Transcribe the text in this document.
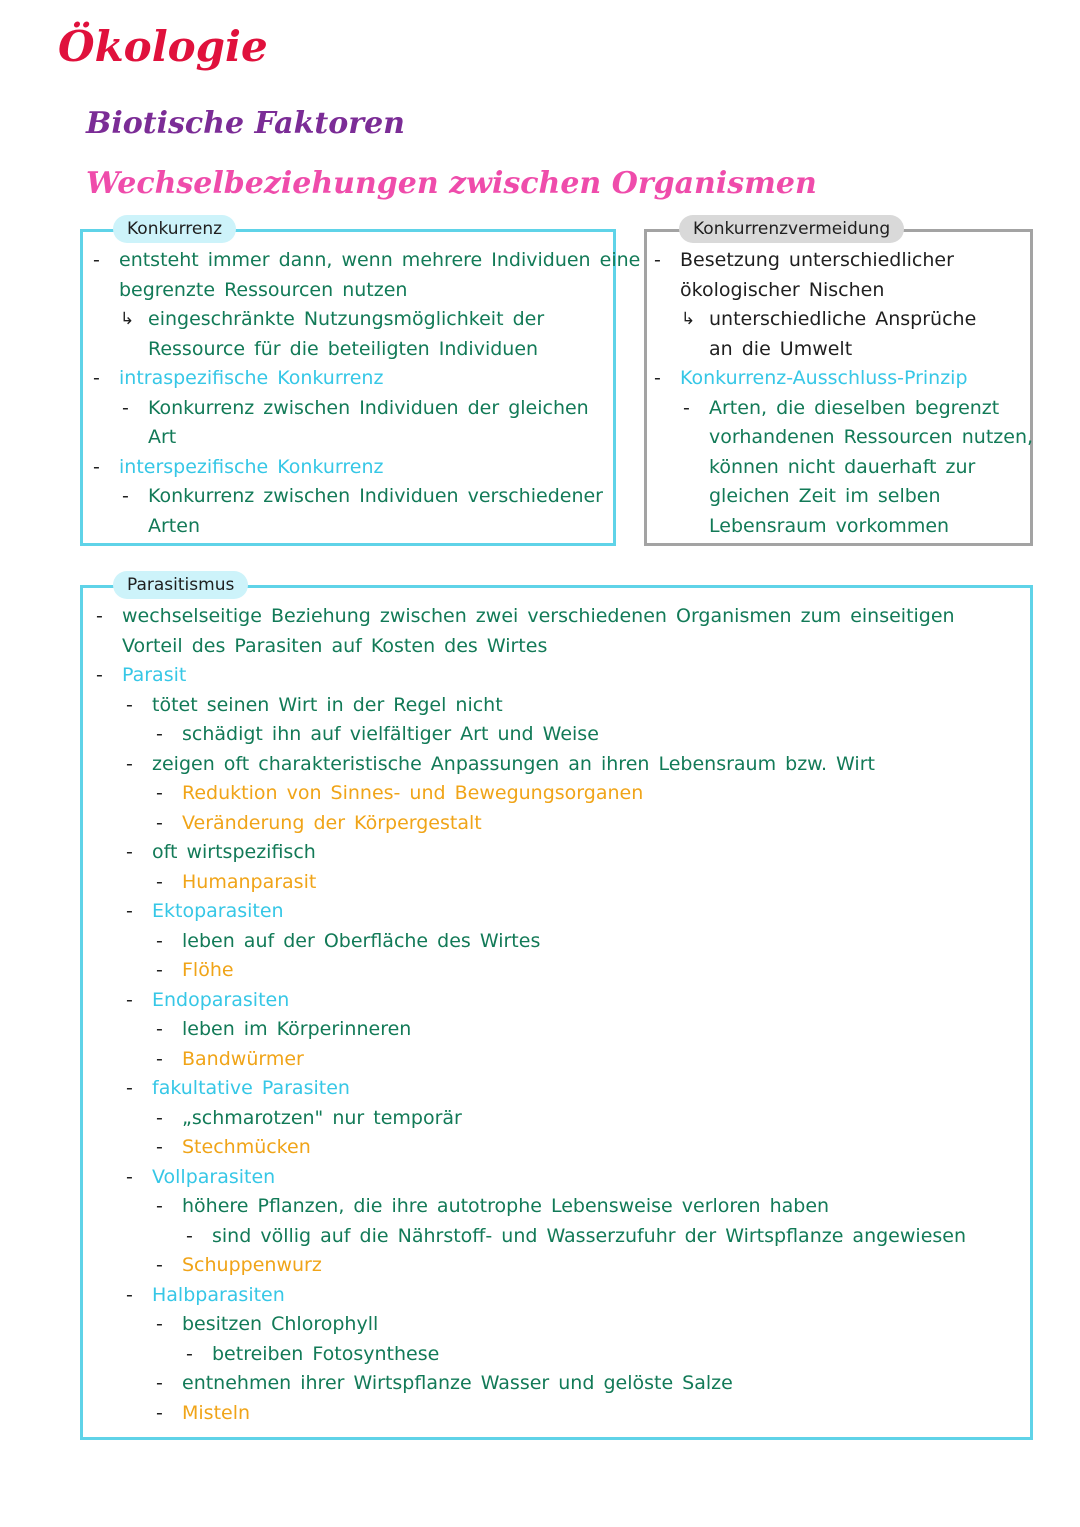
Ökologie
Biotische Faktoren
Wechselbeziehungen zwischen Organismen
Konkurrenz
- entsteht immer dann, wenn mehrere Individuen eine
begrenzte Ressourcen nutzen
↳ eingeschränkte Nutzungsmöglichkeit der
Ressource für die beteiligten Individuen
- intraspezifische Konkurrenz
- Konkurrenz zwischen Individuen der gleichen
Art
- interspezifische Konkurrenz
- Konkurrenz zwischen Individuen verschiedener
Arten
Konkurrenzvermeidung
- Besetzung unterschiedlicher
ökologischer Nischen
↳ unterschiedliche Ansprüche
an die Umwelt
- Konkurrenz-Ausschluss-Prinzip
- Arten, die dieselben begrenzt
vorhandenen Ressourcen nutzen,
können nicht dauerhaft zur
gleichen Zeit im selben
Lebensraum vorkommen
Parasitismus
- wechselseitige Beziehung zwischen zwei verschiedenen Organismen zum einseitigen
Vorteil des Parasiten auf Kosten des Wirtes
- Parasit
- tötet seinen Wirt in der Regel nicht
- schädigt ihn auf vielfältiger Art und Weise
- zeigen oft charakteristische Anpassungen an ihren Lebensraum bzw. Wirt
- Reduktion von Sinnes- und Bewegungsorganen
- Veränderung der Körpergestalt
- oft wirtspezifisch
- Humanparasit
- Ektoparasiten
- leben auf der Oberfläche des Wirtes
- Flöhe
- Endoparasiten
- leben im Körperinneren
- Bandwürmer
- fakultative Parasiten
- „schmarotzen" nur temporär
- Stechmücken
- Vollparasiten
- höhere Pflanzen, die ihre autotrophe Lebensweise verloren haben
- sind völlig auf die Nährstoff- und Wasserzufuhr der Wirtspflanze angewiesen
- Schuppenwurz
- Halbparasiten
- besitzen Chlorophyll
- betreiben Fotosynthese
- entnehmen ihrer Wirtspflanze Wasser und gelöste Salze
- Misteln
